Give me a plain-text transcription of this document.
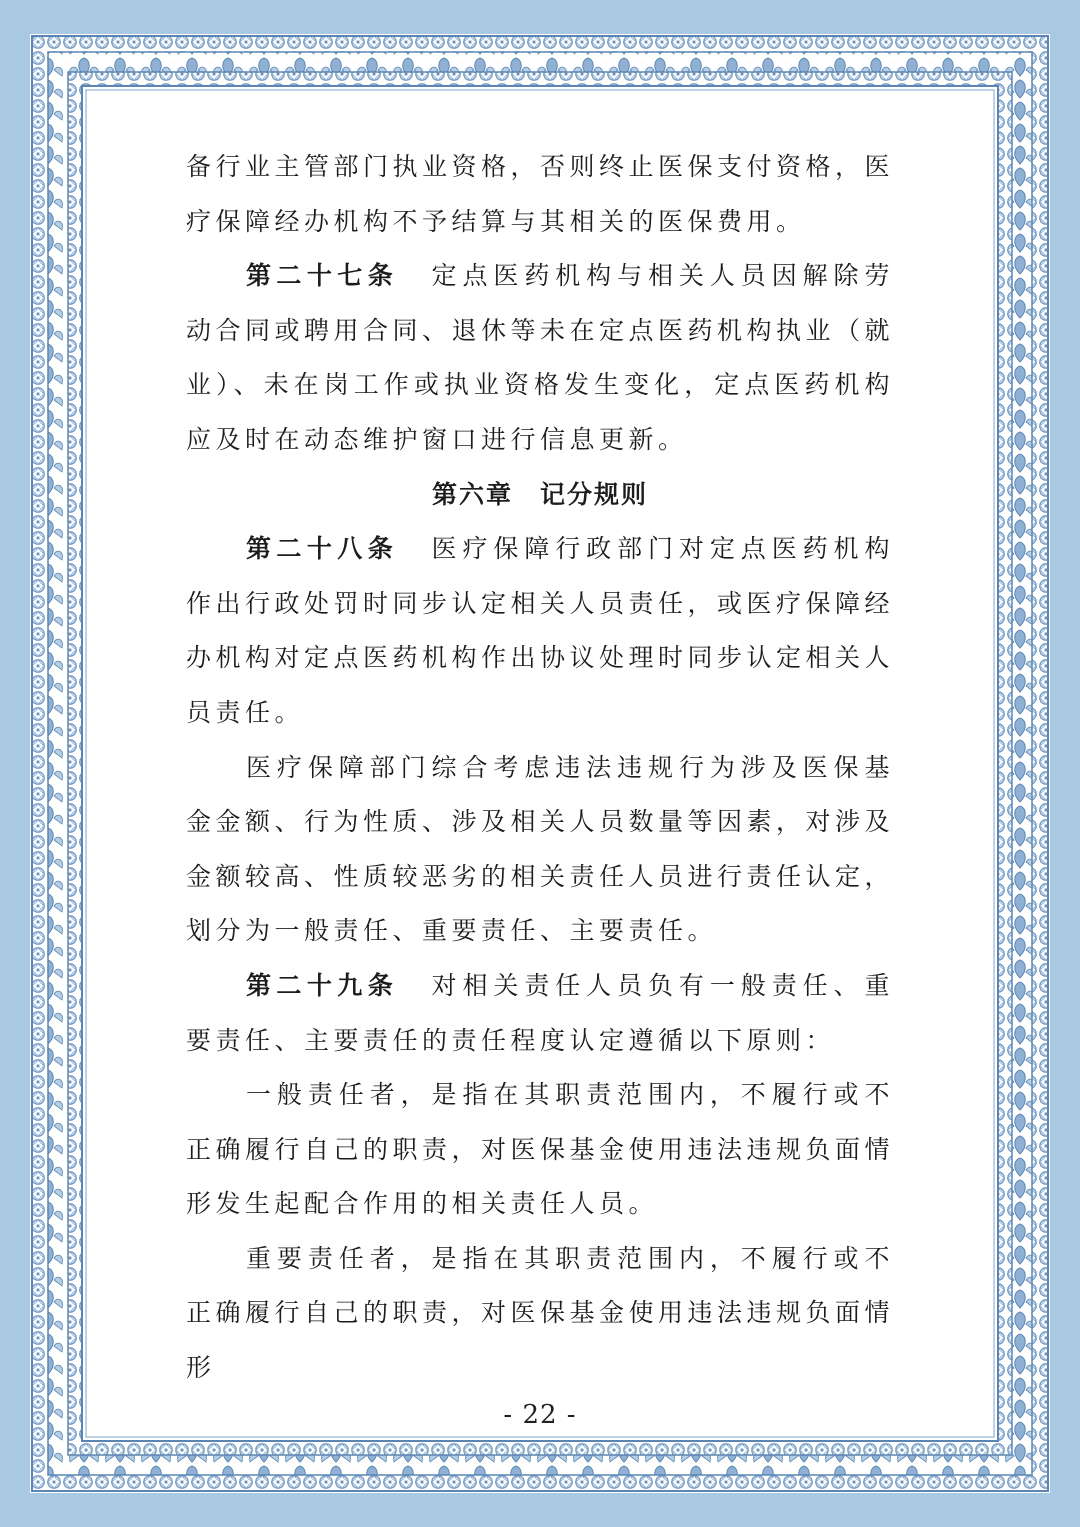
备行业主管部门执业资格，否则终止医保支付资格，医疗保障经办机构不予结算与其相关的医保费用。

第二十七条 定点医药机构与相关人员因解除劳动合同或聘用合同、退休等未在定点医药机构执业（就业）、未在岗工作或执业资格发生变化，定点医药机构应及时在动态维护窗口进行信息更新。

第六章　记分规则

第二十八条 医疗保障行政部门对定点医药机构作出行政处罚时同步认定相关人员责任，或医疗保障经办机构对定点医药机构作出协议处理时同步认定相关人员责任。

医疗保障部门综合考虑违法违规行为涉及医保基金金额、行为性质、涉及相关人员数量等因素，对涉及金额较高、性质较恶劣的相关责任人员进行责任认定，划分为一般责任、重要责任、主要责任。

第二十九条 对相关责任人员负有一般责任、重要责任、主要责任的责任程度认定遵循以下原则：

一般责任者，是指在其职责范围内，不履行或不正确履行自己的职责，对医保基金使用违法违规负面情形发生起配合作用的相关责任人员。

重要责任者，是指在其职责范围内，不履行或不正确履行自己的职责，对医保基金使用违法违规负面情形

- 22 -
